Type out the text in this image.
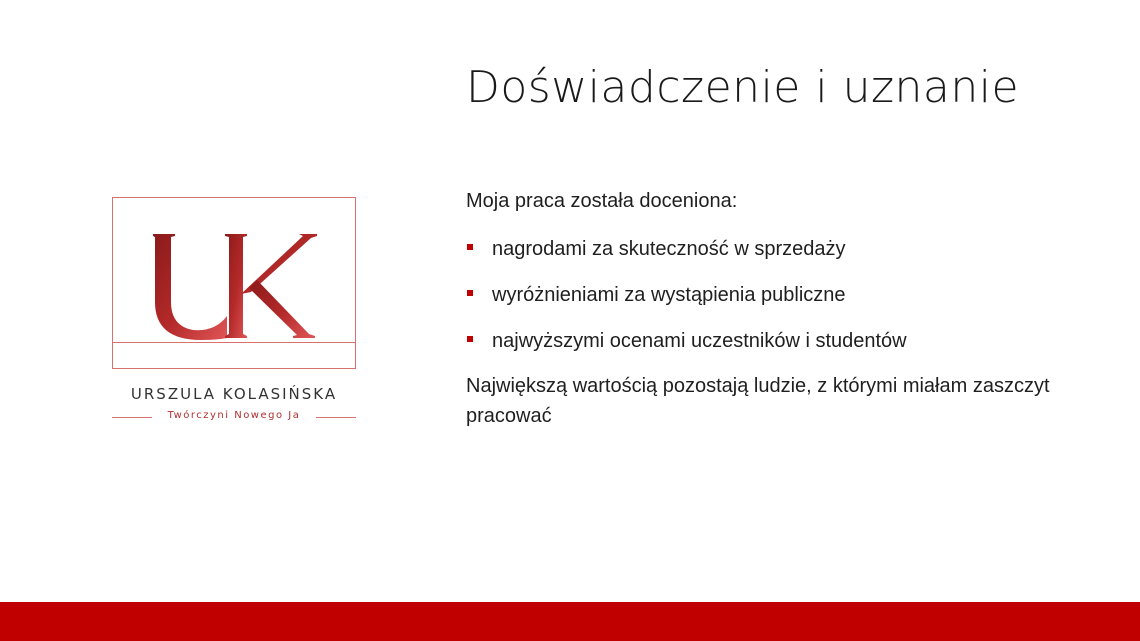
Doświadczenie i uznanie
URSZULA KOLASIŃSKA
Twórczyni Nowego Ja

Moja praca została doceniona:

nagrodami za skuteczność w sprzedaży
wyróżnieniami za wystąpienia publiczne
najwyższymi ocenami uczestników i studentów

Największą wartością pozostają ludzie, z którymi miałam zaszczyt pracować
